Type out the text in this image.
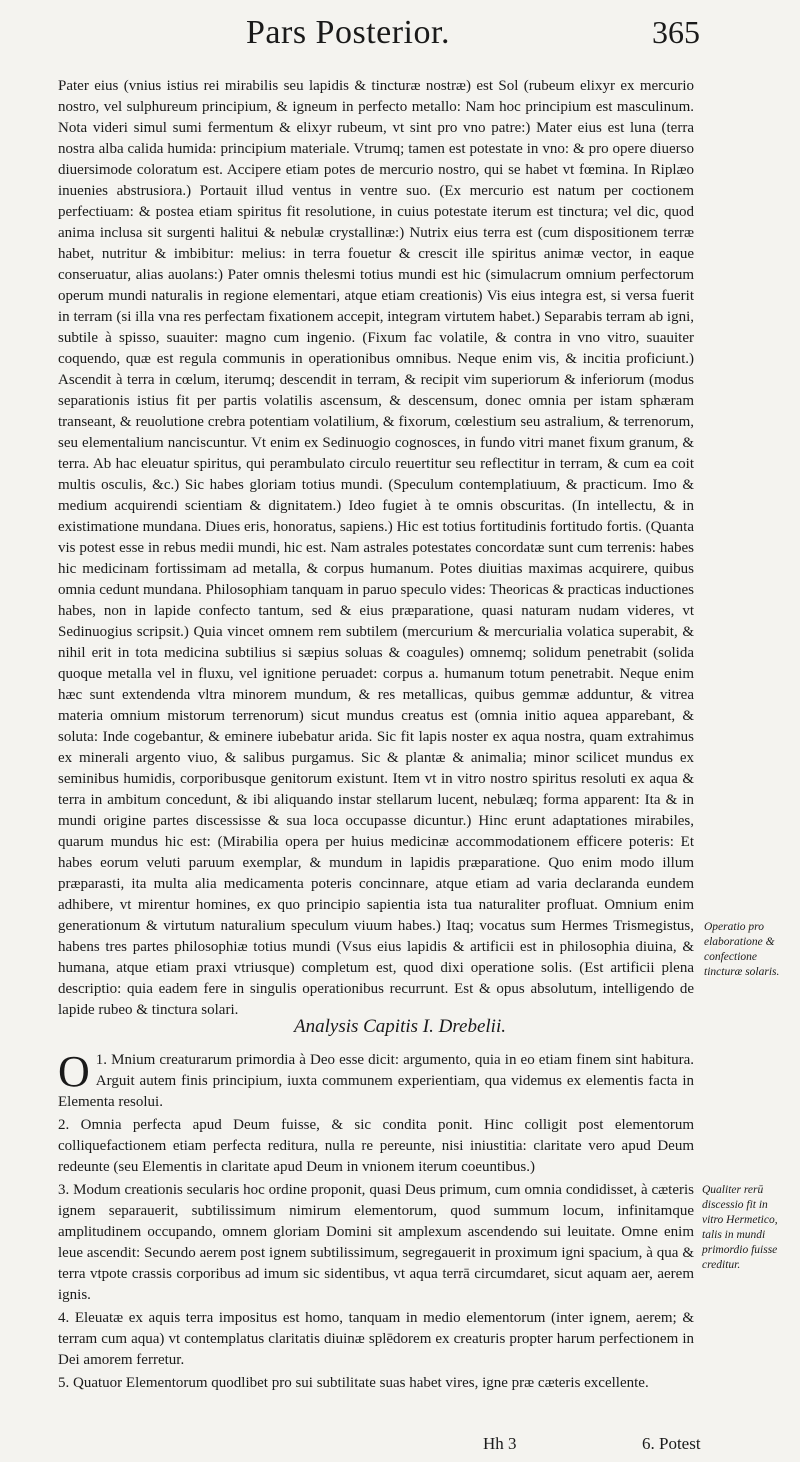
Pars Posterior.	365

Pater eius (vnius istius rei mirabilis seu lapidis & tincturæ nostræ) est Sol (rubeum elixyr ex mercurio nostro, vel sulphureum principium, & igneum in perfecto metallo: Nam hoc principium est masculinum. Nota videri simul sumi fermentum & elixyr rubeum, vt sint pro vno patre:) Mater eius est luna (terra nostra alba calida humida: principium materiale. Vtrumq; tamen est potestate in vno: & pro opere diuerso diuersimode coloratum est. Accipere etiam potes de mercurio nostro, qui se habet vt fœmina. In Riplæo inuenies abstrusiora.) Portauit illud ventus in ventre suo. (Ex mercurio est natum per coctionem perfectiuam: & postea etiam spiritus fit resolutione, in cuius potestate iterum est tinctura; vel dic, quod anima inclusa sit surgenti halitui & nebulæ crystallinæ:) Nutrix eius terra est (cum dispositionem terræ habet, nutritur & imbibitur: melius: in terra fouetur & crescit ille spiritus animæ vector, in eaque conseruatur, alias auolans:) Pater omnis thelesmi totius mundi est hic (simulacrum omnium perfectorum operum mundi naturalis in regione elementari, atque etiam creationis) Vis eius integra est, si versa fuerit in terram (si illa vna res perfectam fixationem accepit, integram virtutem habet.) Separabis terram ab igni, subtile à spisso, suauiter: magno cum ingenio. (Fixum fac volatile, & contra in vno vitro, suauiter coquendo, quæ est regula communis in operationibus omnibus. Neque enim vis, & incitia proficiunt.) Ascendit à terra in cœlum, iterumq; descendit in terram, & recipit vim superiorum & inferiorum (modus separationis istius fit per partis volatilis ascensum, & descensum, donec omnia per istam sphæram transeant, & reuolutione crebra potentiam volatilium, & fixorum, cœlestium seu astralium, & terrenorum, seu elementalium nanciscuntur. Vt enim ex Sedinuogio cognosces, in fundo vitri manet fixum granum, & terra. Ab hac eleuatur spiritus, qui perambulato circulo reuertitur seu reflectitur in terram, & cum ea coit multis osculis, &c.) Sic habes gloriam totius mundi. (Speculum contemplatiuum, & practicum. Imo & medium acquirendi scientiam & dignitatem.) Ideo fugiet à te omnis obscuritas. (In intellectu, & in existimatione mundana. Diues eris, honoratus, sapiens.) Hic est totius fortitudinis fortitudo fortis. (Quanta vis potest esse in rebus medii mundi, hic est. Nam astrales potestates concordatæ sunt cum terrenis: habes hic medicinam fortissimam ad metalla, & corpus humanum. Potes diuitias maximas acquirere, quibus omnia cedunt mundana. Philosophiam tanquam in paruo speculo vides: Theoricas & practicas inductiones habes, non in lapide confecto tantum, sed & eius præparatione, quasi naturam nudam videres, vt Sedinuogius scripsit.) Quia vincet omnem rem subtilem (mercurium & mercurialia volatica superabit, & nihil erit in tota medicina subtilius si sæpius soluas & coagules) omnemq; solidum penetrabit (solida quoque metalla vel in fluxu, vel ignitione peruadet: corpus a. humanum totum penetrabit. Neque enim hæc sunt extendenda vltra minorem mundum, & res metallicas, quibus gemmæ adduntur, & vitrea materia omnium mistorum terrenorum) sicut mundus creatus est (omnia initio aquea apparebant, & soluta: Inde cogebantur, & eminere iubebatur arida. Sic fit lapis noster ex aqua nostra, quam extrahimus ex minerali argento viuo, & salibus purgamus. Sic & plantæ & animalia; minor scilicet mundus ex seminibus humidis, corporibusque genitorum existunt. Item vt in vitro nostro spiritus resoluti ex aqua & terra in ambitum concedunt, & ibi aliquando instar stellarum lucent, nebulæq; forma apparent: Ita & in mundi origine partes discessisse & sua loca occupasse dicuntur.) Hinc erunt adaptationes mirabiles, quarum mundus hic est: (Mirabilia opera per huius medicinæ accommodationem efficere poteris: Et habes eorum veluti paruum exemplar, & mundum in lapidis præparatione. Quo enim modo illum præparasti, ita multa alia medicamenta poteris concinnare, atque etiam ad varia declaranda eundem adhibere, vt mirentur homines, ex quo principio sapientia ista tua naturaliter profluat. Omnium enim generationum & virtutum naturalium speculum viuum habes.) Itaq; vocatus sum Hermes Trismegistus, habens tres partes philosophiæ totius mundi (Vsus eius lapidis & artificii est in philosophia diuina, & humana, atque etiam praxi vtriusque) completum est, quod dixi operatione solis. (Est artificii plena descriptio: quia eadem fere in singulis operationibus recurrunt. Est & opus absolutum, intelligendo de lapide rubeo & tinctura solari.

Operatio pro elaboratione & confectione tincturæ solaris.
Analysis Capitis I. Drebelii.

O 1. Mnium creaturarum primordia à Deo esse dicit: argumento, quia in eo etiam finem sint habitura. Arguit autem finis principium, iuxta communem experientiam, qua videmus ex elementis facta in Elementa resolui.

2. Omnia perfecta apud Deum fuisse, & sic condita ponit. Hinc colligit post elementorum colliquefactionem etiam perfecta reditura, nulla re pereunte, nisi iniustitia: claritate vero apud Deum redeunte (seu Elementis in claritate apud Deum in vnionem iterum coeuntibus.)

3. Modum creationis secularis hoc ordine proponit, quasi Deus primum, cum omnia condidisset, à cæteris ignem separauerit, subtilissimum nimirum elementorum, quod summum locum, infinitamque amplitudinem occupando, omnem gloriam Domini sit amplexum ascendendo sui leuitate. Omne enim leue ascendit: Secundo aerem post ignem subtilissimum, segregauerit in proximum igni spacium, à qua & terra vtpote crassis corporibus ad imum sic sidentibus, vt aqua terrā circumdaret, sicut aquam aer, aerem ignis.

4. Eleuatæ ex aquis terra impositus est homo, tanquam in medio elementorum (inter ignem, aerem; & terram cum aqua) vt contemplatus claritatis diuinæ splēdorem ex creaturis propter harum perfectionem in Dei amorem ferretur.

5. Quatuor Elementorum quodlibet pro sui subtilitate suas habet vires, igne præ cæteris excellente.

Qualiter rerū discessio fit in vitro Hermetico, talis in mundi primordio fuisse creditur.
Hh 3	6. Potest
